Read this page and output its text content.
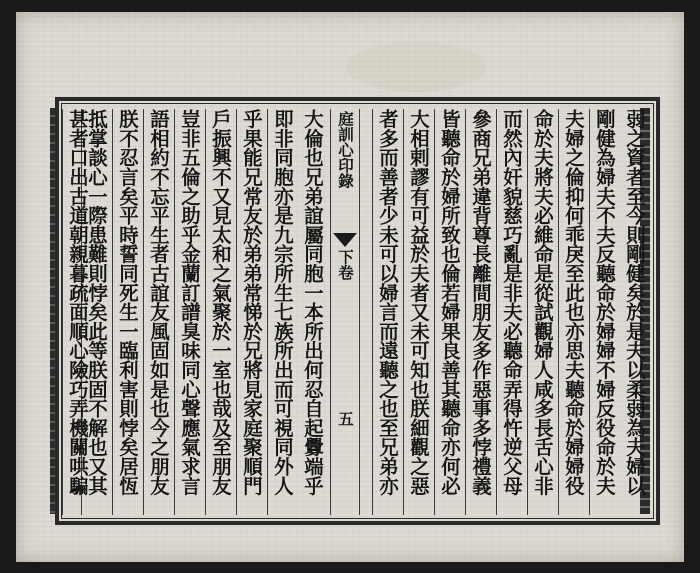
大倫也兄弟誼屬同胞一本所出何忍自起釁端乎
即非同胞亦是九宗所生七族所出而可視同外人
乎果能兄常友於弟弟常悌於兄將見家庭聚順門
戶振興不又見太和之氣聚於一室也哉及至朋友
豈非五倫之助乎金蘭訂譜臭味同心聲應氣求言
語相約不忘平生者古誼友風固如是也今之朋友
朕不忍言矣平時誓同死生一臨利害則悖矣居恆
抵掌談心一際患難則悖矣此等朕固不解也又其
甚者口出古道朝親暮疏面順心險巧弄機關哄騙	庭訓心印錄
下卷
五	弱之資者至今則剛健矣於是夫以柔弱為夫婦以
剛健為婦夫不夫反聽命於婦婦不婦反役命於夫
夫婦之倫抑何乖戾至此也亦思夫聽命於婦婦役
命於夫將夫必維命是從試觀婦人咸多長舌心非
而然內奸貌慈巧亂是非夫必聽命弄得忤逆父母
參商兄弟違背尊長離間朋友多作惡事多悖禮義
皆聽命於婦所致也倫若婦果良善其聽命亦何必
大相剌謬有可益於夫者又未可知也朕細觀之惡
者多而善者少未可以婦言而遠聽之也至兄弟亦
